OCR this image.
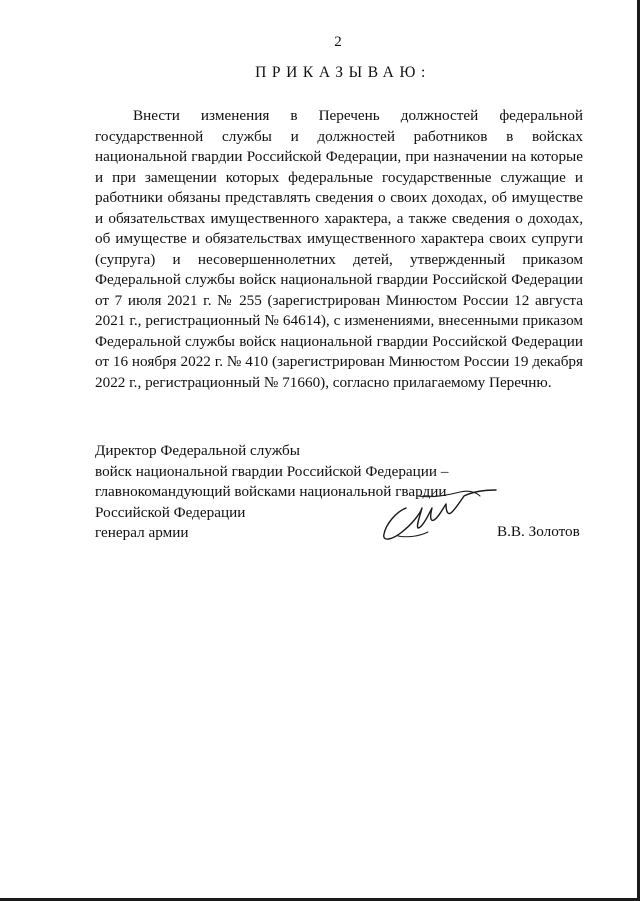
2
ПРИКАЗЫВАЮ:

Внести изменения в Перечень должностей федеральной государственной службы и должностей работников в войсках национальной гвардии Российской Федерации, при назначении на которые и при замещении которых федеральные государственные служащие и работники обязаны представлять сведения о своих доходах, об имуществе и обязательствах имущественного характера, а также сведения о доходах, об имуществе и обязательствах имущественного характера своих супруги (супруга) и несовершеннолетних детей, утвержденный приказом Федеральной службы войск национальной гвардии Российской Федерации от 7 июля 2021 г. № 255 (зарегистрирован Минюстом России 12 августа 2021 г., регистрационный № 64614), с изменениями, внесенными приказом Федеральной службы войск национальной гвардии Российской Федерации от 16 ноября 2022 г. № 410 (зарегистрирован Минюстом России 19 декабря 2022 г., регистрационный № 71660), согласно прилагаемому Перечню.

Директор Федеральной службы
войск национальной гвардии Российской Федерации –
главнокомандующий войсками национальной гвардии
Российской Федерации
генерал армии	В.В. Золотов
